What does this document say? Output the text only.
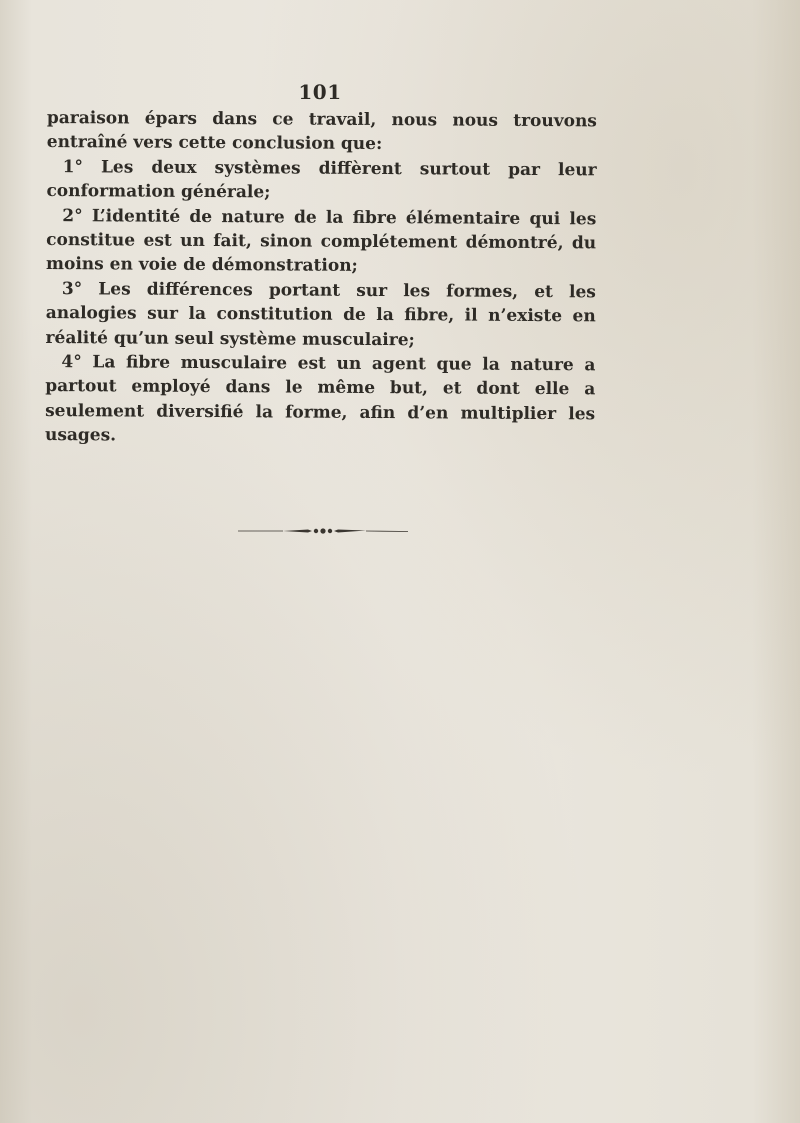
101

paraison épars dans ce travail, nous nous trouvons entraîné vers cette conclusion que:

1° Les deux systèmes diffèrent surtout par leur conformation générale;

2° L’identité de nature de la fibre élémentaire qui les constitue est un fait, sinon complétement démontré, du moins en voie de démonstration;

3° Les différences portant sur les formes, et les analogies sur la constitution de la fibre, il n’existe en réalité qu’un seul système musculaire;

4° La fibre musculaire est un agent que la nature a partout employé dans le même but, et dont elle a seulement diversifié la forme, afin d’en multiplier les usages.
